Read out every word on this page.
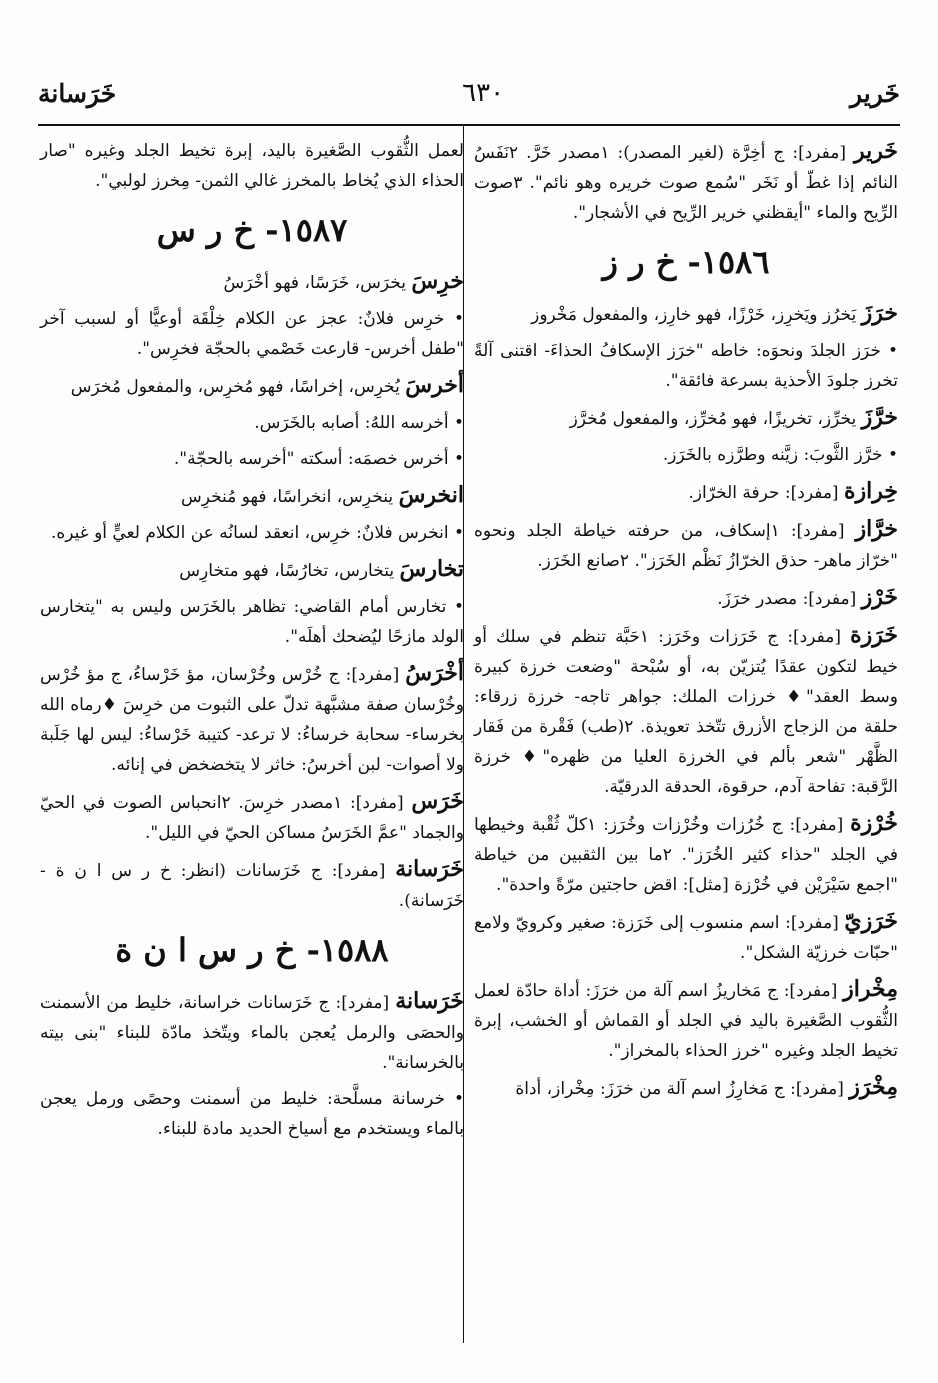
خَرير
٦٣٠
خَرَسانة

خَرير [مفرد]: ج أخِرَّة (لغير المصدر): ١مصدر خَرَّ. ٢نَفَسُ النائم إذا غطّ أو نَخَر "سُمع صوت خريره وهو نائم". ٣صوت الرِّيح والماء "أيقظني خرير الرِّيح في الأشجار".

١٥٨٦- خ ر ز

خرَزَ يَخرُز ويَخرِز، خَرْزًا، فهو خارِز، والمفعول مَخْروز

• خرَز الجلدَ ونحوَه: خاطه "خرَز الإسكافُ الحذاءَ- اقتنى آلةً تخرز جلودَ الأحذية بسرعة فائقة".

خرَّزَ يخرِّز، تخريزًا، فهو مُخرِّز، والمفعول مُخرَّز

• خرَّز الثَّوبَ: زيَّنه وطرَّزه بالخَرَز.

خِرازة [مفرد]: حرفة الخرّاز.

خرَّاز [مفرد]: ١إسكاف، من حرفته خياطة الجلد ونحوه "خرّاز ماهر- حذق الخرّازُ نَظْم الخَرَز". ٢صانع الخَرَز.

خَرْز [مفرد]: مصدر خرَزَ.

خَرَزة [مفرد]: ج خَرَزات وخَرَز: ١حَبَّة تنظم في سلك أو خيط لتكون عقدًا يُتزيّن به، أو سُبْحة "وضعت خرزة كبيرة وسط العقد"♦ خرزات الملك: جواهر تاجه- خرزة زرقاء: حلقة من الزجاج الأزرق تتّخذ تعويذة. ٢(طب) فَقْرة من فَقار الظَّهْر "شعر بألم في الخرزة العليا من ظهره"♦ خرزة الرَّقبة: تفاحة آدم، حرقوة، الحدقة الدرقيّة.

خُرْزة [مفرد]: ج خُرُزات وخُرْزات وخُرَز: ١كلّ ثُقْبة وخيطها في الجلد "حذاء كثير الخُرَز". ٢ما بين الثقبين من خياطة "اجمع سَيْرَيْن في خُرْزة [مثل]: اقض حاجتين مرّةً واحدة".

خَرَزيّ [مفرد]: اسم منسوب إلى خَرَزة: صغير وكرويّ ولامع "حبّات خرزيّة الشكل".

مِخْراز [مفرد]: ج مَخاريزُ اسم آلة من خرَزَ: أداة حادّة لعمل الثُّقوب الصَّغيرة باليد في الجلد أو القماش أو الخشب، إبرة تخيط الجلد وغيره "خرز الحذاء بالمخراز".

مِخْرَز [مفرد]: ج مَخارِزُ اسم آلة من خرَزَ: مِخْراز، أداة

لعمل الثُّقوب الصَّغيرة باليد، إبرة تخيط الجلد وغيره "صار الحذاء الذي يُخاط بالمخرز غالي الثمن- مِخرز لولبي".

١٥٨٧- خ ر س

خرِسَ يخرَس، خَرَسًا، فهو أخْرَسُ

• خرِس فلانٌ: عجز عن الكلام خِلْقَة أوعيًّا أو لسبب آخر "طفل أخرس- قارعت خَصْمي بالحجّة فخرِس".

أخرسَ يُخرِس، إخراسًا، فهو مُخرِس، والمفعول مُخرَس

• أخرسه اللهُ: أصابه بالخَرَس.

• أخرس خصمَه: أسكته "أخرسه بالحجّة".

انخرسَ ينخرِس، انخراسًا، فهو مُنخرِس

• انخرس فلانٌ: خرِس، انعقد لسانُه عن الكلام لعيٍّ أو غيره.

تخارسَ يتخارس، تخارُسًا، فهو متخارِس

• تخارس أمام القاضي: تظاهر بالخَرَس وليس به "يتخارس الولد مازحًا ليُضحك أهلَه".

أخْرَسُ [مفرد]: ج خُرْس وخُرْسان، مؤ خَرْساءُ، ج مؤ خُرْس وخُرْسان صفة مشبَّهة تدلّ على الثبوت من خرِسَ ♦رماه الله بخرساء- سحابة خرساءُ: لا ترعد- كتيبة خَرْساءُ: ليس لها جَلَبة ولا أصوات- لبن أخرسُ: خاثر لا يتخضخض في إنائه.

خَرَس [مفرد]: ١مصدر خرِسَ. ٢انحباس الصوت في الحيّ والجماد "عمَّ الخَرَسُ مساكن الحيّ في الليل".

خَرَسانة [مفرد]: ج خَرَسانات (انظر: خ ر س ا ن ة - خَرَسانة).

١٥٨٨- خ ر س ا ن ة

خَرَسانة [مفرد]: ج خَرَسانات خراسانة، خليط من الأسمنت والحصَى والرمل يُعجن بالماء ويتّخذ مادّة للبناء "بنى بيته بالخرسانة".

• خرسانة مسلَّحة: خليط من أسمنت وحصًى ورمل يعجن بالماء ويستخدم مع أسياخ الحديد مادة للبناء.
